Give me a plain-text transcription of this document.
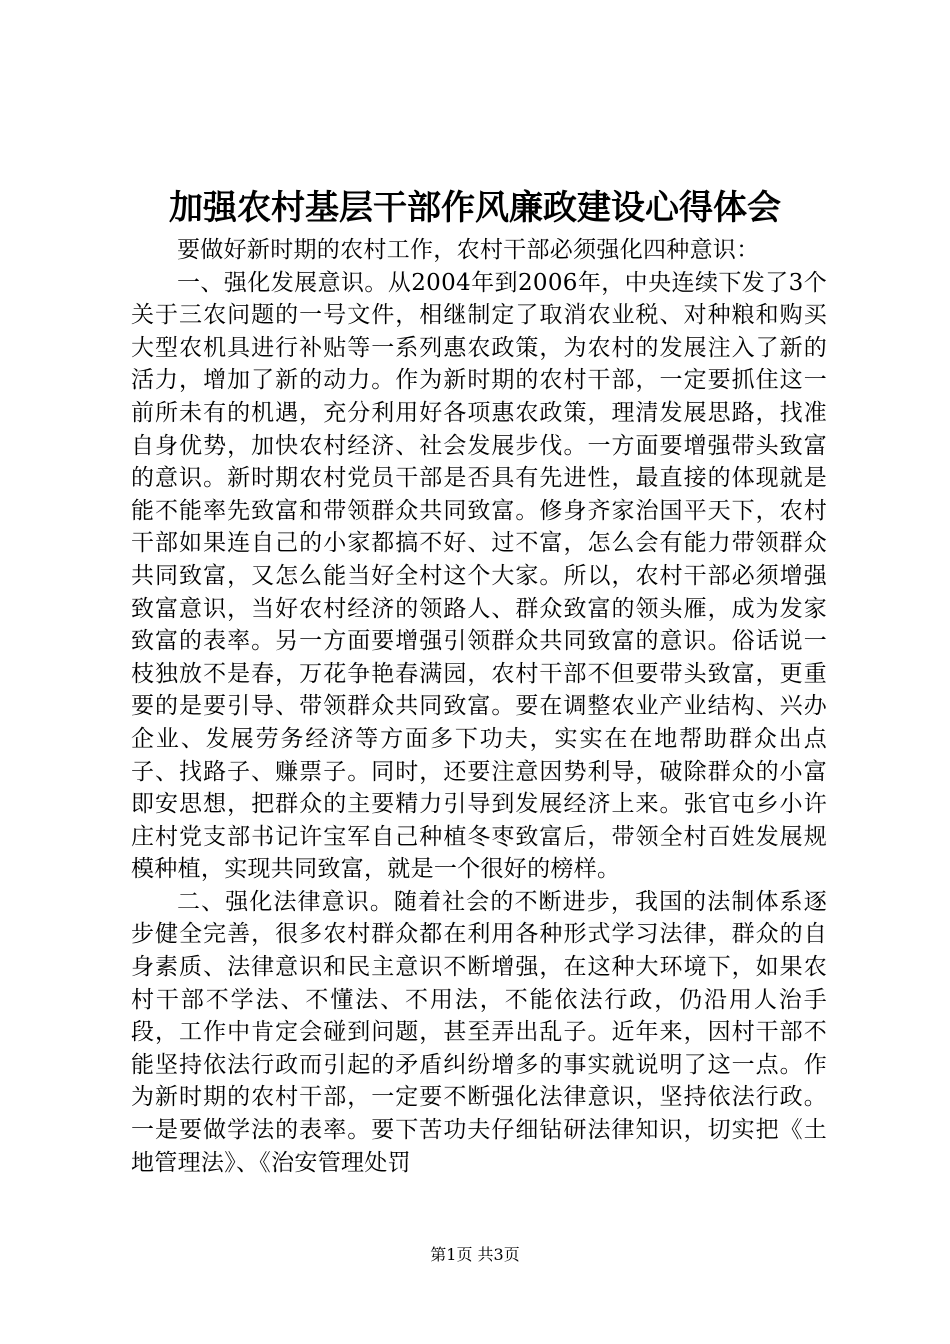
加强农村基层干部作风廉政建设心得体会

要做好新时期的农村工作，农村干部必须强化四种意识：

一、强化发展意识。从2004年到2006年，中央连续下发了3个关于三农问题的一号文件，相继制定了取消农业税、对种粮和购买大型农机具进行补贴等一系列惠农政策，为农村的发展注入了新的活力，增加了新的动力。作为新时期的农村干部，一定要抓住这一前所未有的机遇，充分利用好各项惠农政策，理清发展思路，找准自身优势，加快农村经济、社会发展步伐。一方面要增强带头致富的意识。新时期农村党员干部是否具有先进性，最直接的体现就是能不能率先致富和带领群众共同致富。修身齐家治国平天下，农村干部如果连自己的小家都搞不好、过不富，怎么会有能力带领群众共同致富，又怎么能当好全村这个大家。所以，农村干部必须增强致富意识，当好农村经济的领路人、群众致富的领头雁，成为发家致富的表率。另一方面要增强引领群众共同致富的意识。俗话说一枝独放不是春，万花争艳春满园，农村干部不但要带头致富，更重要的是要引导、带领群众共同致富。要在调整农业产业结构、兴办企业、发展劳务经济等方面多下功夫，实实在在地帮助群众出点子、找路子、赚票子。同时，还要注意因势利导，破除群众的小富即安思想，把群众的主要精力引导到发展经济上来。张官屯乡小许庄村党支部书记许宝军自己种植冬枣致富后，带领全村百姓发展规模种植，实现共同致富，就是一个很好的榜样。

二、强化法律意识。随着社会的不断进步，我国的法制体系逐步健全完善，很多农村群众都在利用各种形式学习法律，群众的自身素质、法律意识和民主意识不断增强，在这种大环境下，如果农村干部不学法、不懂法、不用法，不能依法行政，仍沿用人治手段，工作中肯定会碰到问题，甚至弄出乱子。近年来，因村干部不能坚持依法行政而引起的矛盾纠纷增多的事实就说明了这一点。作为新时期的农村干部，一定要不断强化法律意识，坚持依法行政。一是要做学法的表率。要下苦功夫仔细钻研法律知识，切实把《土地管理法》、《治安管理处罚

第1页 共3页
